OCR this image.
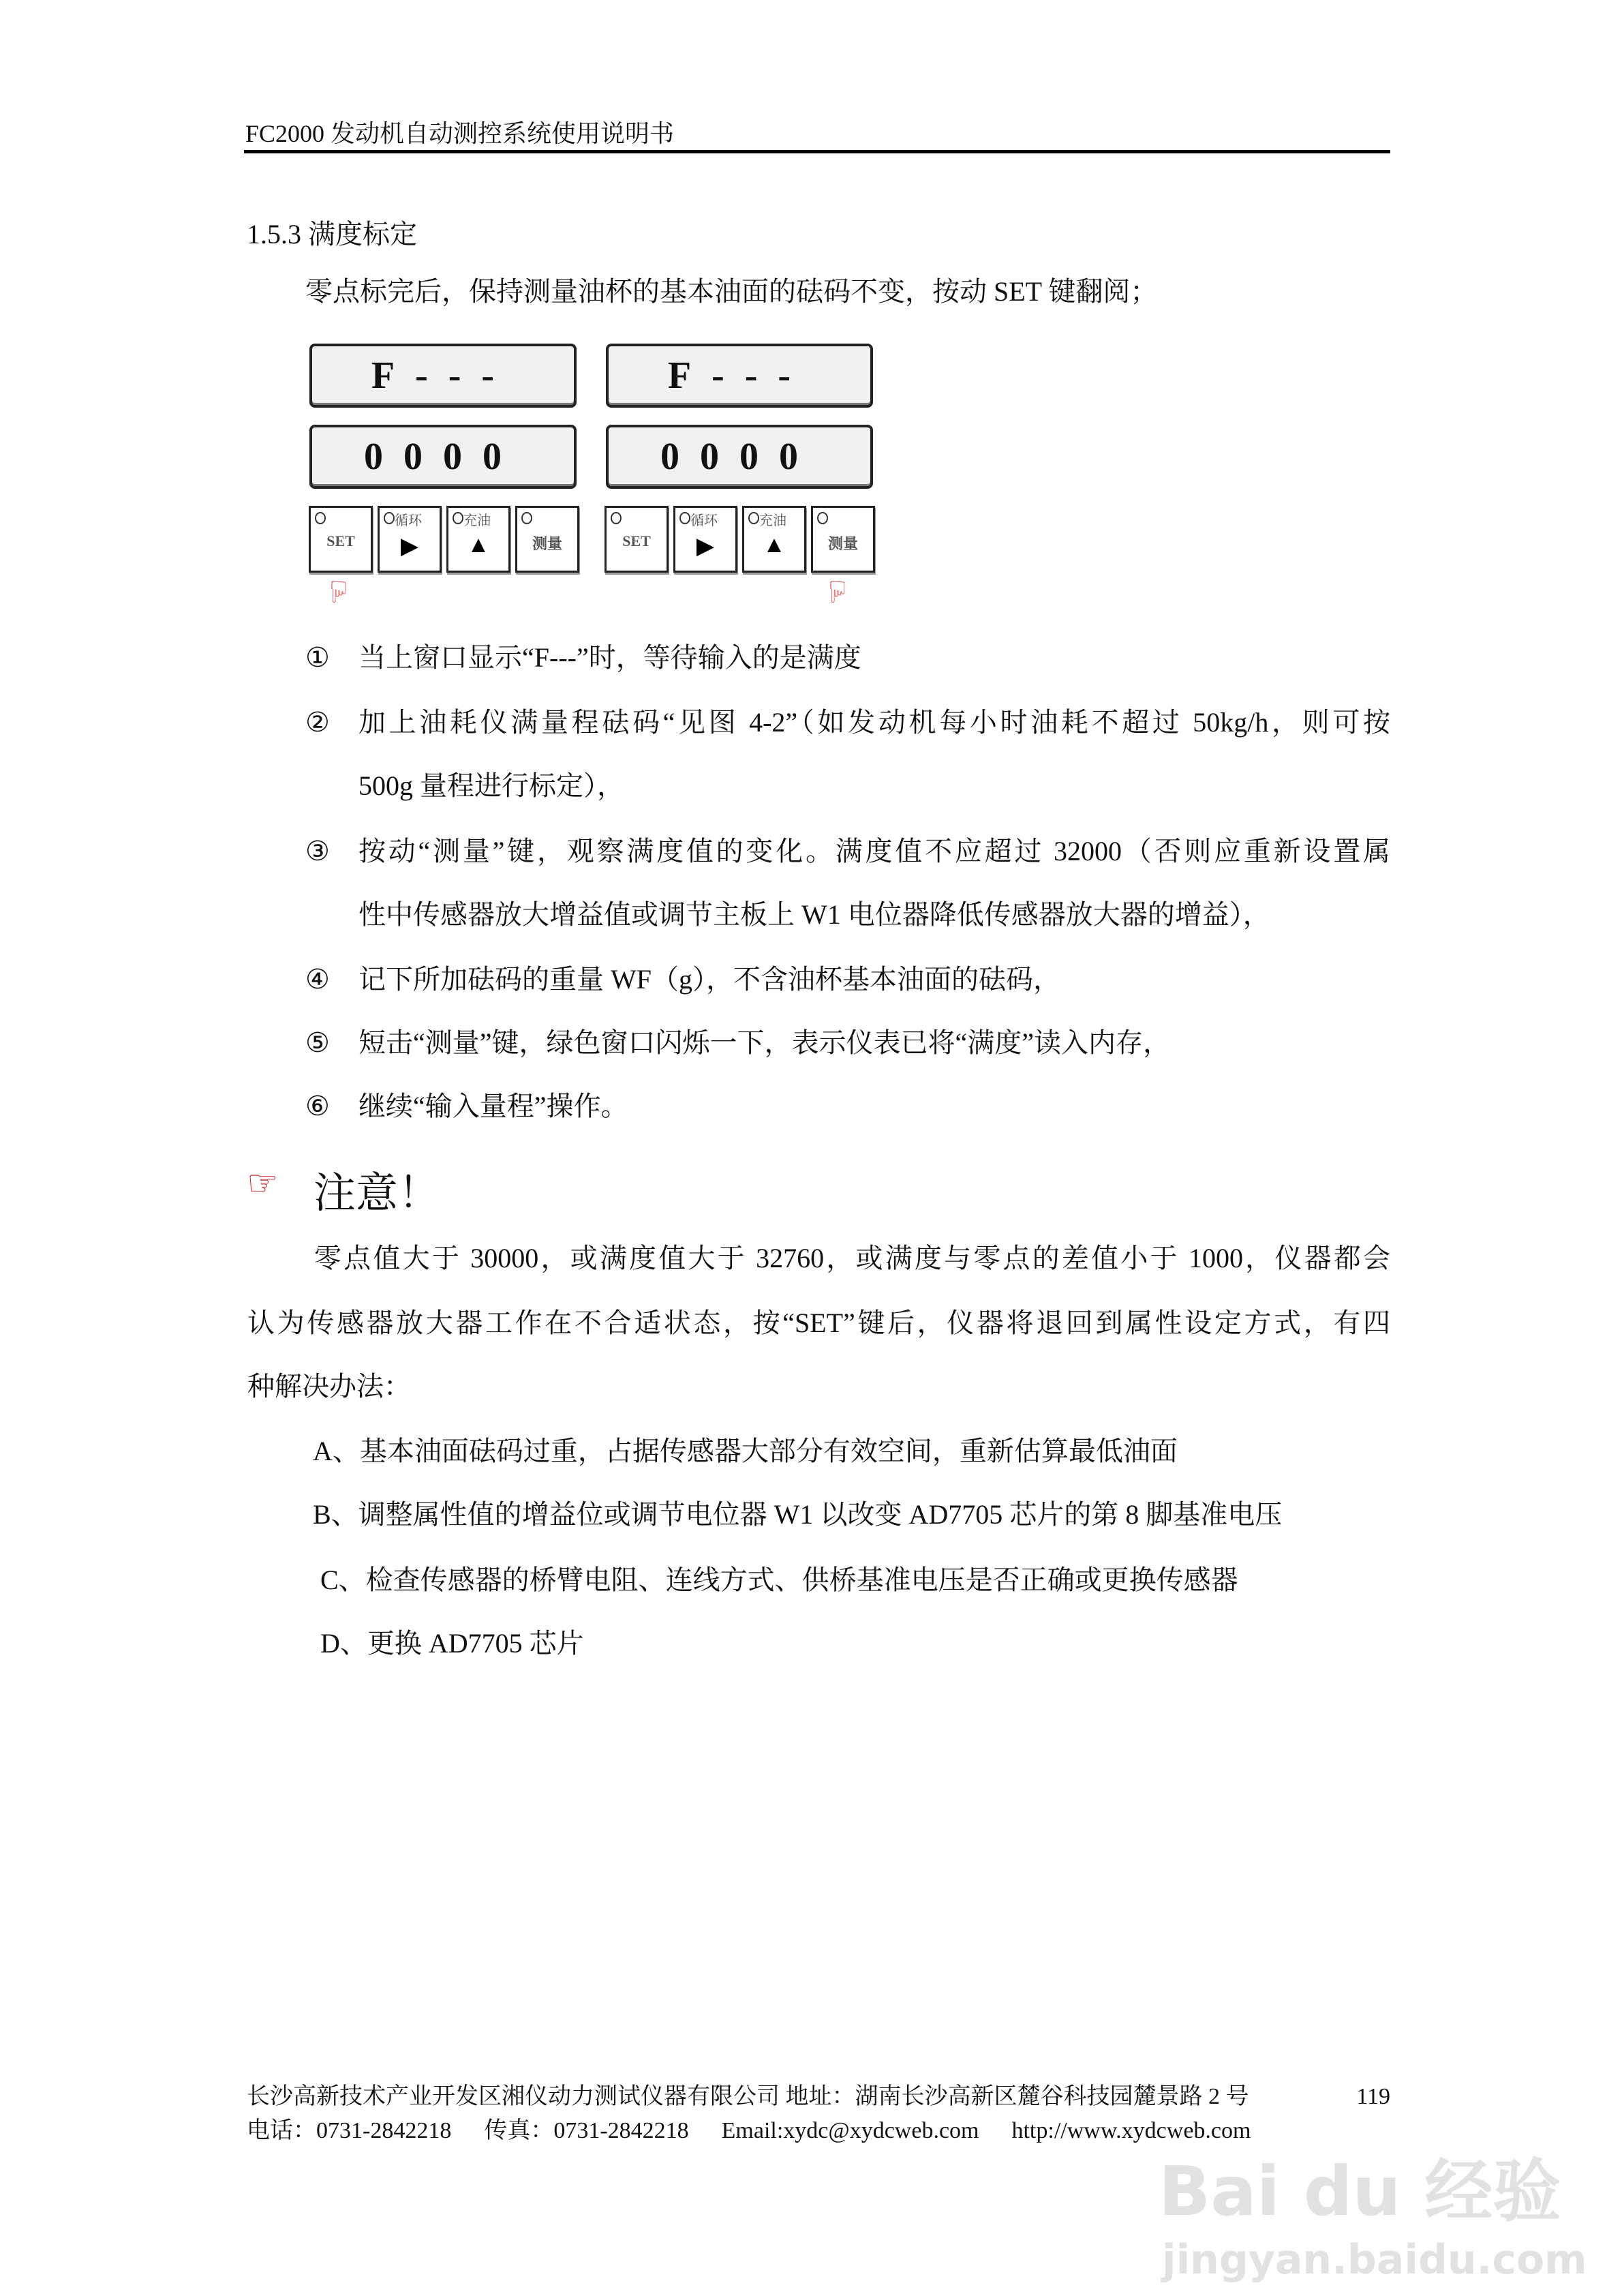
FC2000 发动机自动测控系统使用说明书
1.5.3 满度标定
零点标完后，保持测量油杯的基本油面的砝码不变，按动 SET 键翻阅；
F---	F---
0000	0000
SET
循环
▶
充油
▲	测量	SET
循环
▶
充油
▲	测量
☜	☜
① 当上窗口显示“F---”时，等待输入的是满度
② 加上油耗仪满量程砝码“见图 4-2”（如发动机每小时油耗不超过 50kg/h，则可按
500g 量程进行标定），
③ 按动“测量”键，观察满度值的变化。满度值不应超过 32000（否则应重新设置属
性中传感器放大增益值或调节主板上 W1 电位器降低传感器放大器的增益），
④ 记下所加砝码的重量 WF（g），不含油杯基本油面的砝码，
⑤ 短击“测量”键，绿色窗口闪烁一下，表示仪表已将“满度”读入内存，
⑥ 继续“输入量程”操作。
☞ 注意！
零点值大于 30000，或满度值大于 32760，或满度与零点的差值小于 1000，仪器都会
认为传感器放大器工作在不合适状态，按“SET”键后，仪器将退回到属性设定方式，有四
种解决办法：
A、基本油面砝码过重，占据传感器大部分有效空间，重新估算最低油面
B、调整属性值的增益位或调节电位器 W1 以改变 AD7705 芯片的第 8 脚基准电压
C、检查传感器的桥臂电阻、连线方式、供桥基准电压是否正确或更换传感器
D、更换 AD7705 芯片
长沙高新技术产业开发区湘仪动力测试仪器有限公司 地址：湖南长沙高新区麓谷科技园麓景路 2 号	119
电话：0731-2842218 传真：0731-2842218 Email:xydc@xydcweb.com http://www.xydcweb.com
Bai du 经验
jingyan.baidu.com
